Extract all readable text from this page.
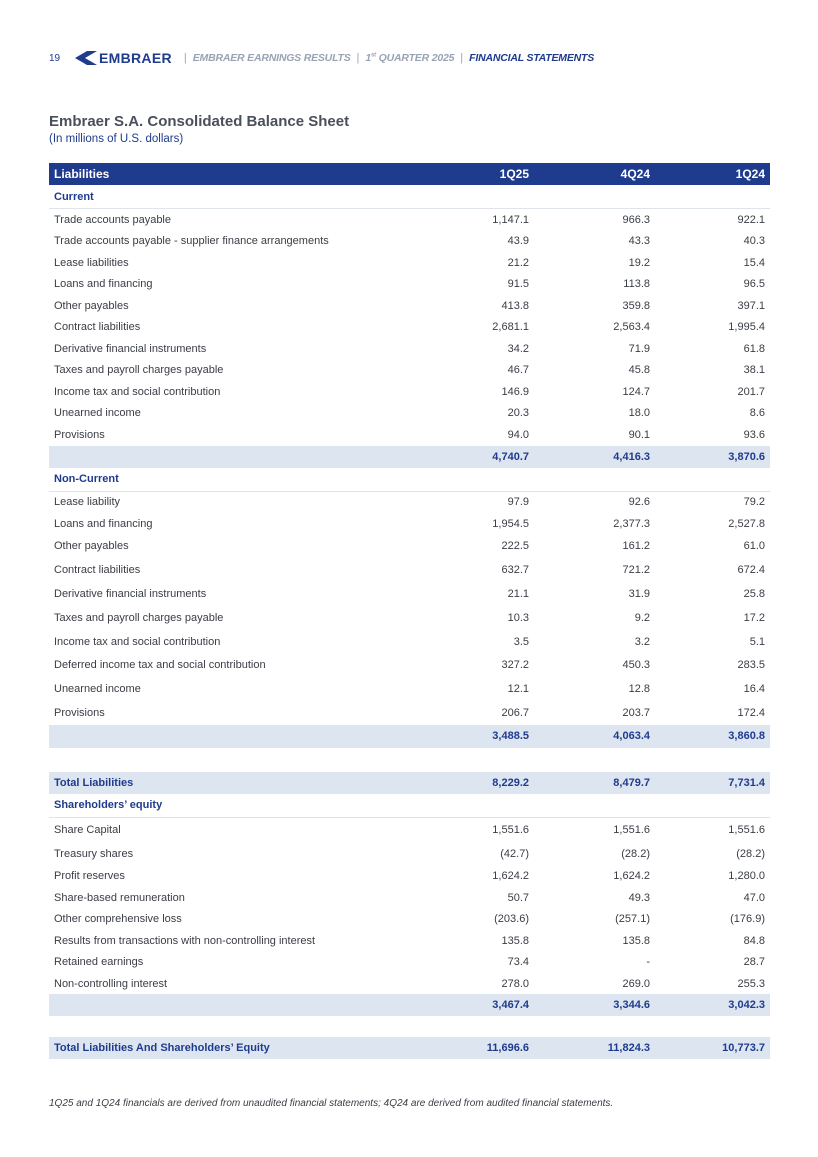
19	EMBRAER | EMBRAER EARNINGS RESULTS | 1st QUARTER 2025 | FINANCIAL STATEMENTS
Embraer S.A. Consolidated Balance Sheet
(In millions of U.S. dollars)
Liabilities	1Q25	4Q24	1Q24
Current			
Trade accounts payable	1,147.1	966.3	922.1
Trade accounts payable - supplier finance arrangements	43.9	43.3	40.3
Lease liabilities	21.2	19.2	15.4
Loans and financing	91.5	113.8	96.5
Other payables	413.8	359.8	397.1
Contract liabilities	2,681.1	2,563.4	1,995.4
Derivative financial instruments	34.2	71.9	61.8
Taxes and payroll charges payable	46.7	45.8	38.1
Income tax and social contribution	146.9	124.7	201.7
Unearned income	20.3	18.0	8.6
Provisions	94.0	90.1	93.6
	4,740.7	4,416.3	3,870.6
Non-Current			
Lease liability	97.9	92.6	79.2
Loans and financing	1,954.5	2,377.3	2,527.8
Other payables	222.5	161.2	61.0
Contract liabilities	632.7	721.2	672.4
Derivative financial instruments	21.1	31.9	25.8
Taxes and payroll charges payable	10.3	9.2	17.2
Income tax and social contribution	3.5	3.2	5.1
Deferred income tax and social contribution	327.2	450.3	283.5
Unearned income	12.1	12.8	16.4
Provisions	206.7	203.7	172.4
	3,488.5	4,063.4	3,860.8

Total Liabilities	8,229.2	8,479.7	7,731.4
Shareholders’ equity			
Share Capital	1,551.6	1,551.6	1,551.6
Treasury shares	(42.7)	(28.2)	(28.2)
Profit reserves	1,624.2	1,624.2	1,280.0
Share-based remuneration	50.7	49.3	47.0
Other comprehensive loss	(203.6)	(257.1)	(176.9)
Results from transactions with non-controlling interest	135.8	135.8	84.8
Retained earnings	73.4	-	28.7
Non-controlling interest	278.0	269.0	255.3
	3,467.4	3,344.6	3,042.3

Total Liabilities And Shareholders’ Equity	11,696.6	11,824.3	10,773.7
1Q25 and 1Q24 financials are derived from unaudited financial statements; 4Q24 are derived from audited financial statements.
